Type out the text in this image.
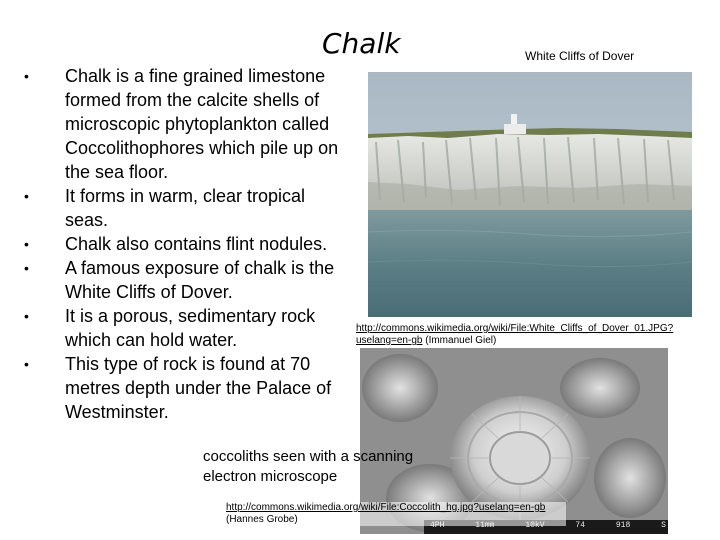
Chalk	White Cliffs of Dover
• Chalk is a fine grained limestone formed from the calcite shells of microscopic phytoplankton called Coccolithophores which pile up on the sea floor.
• It forms in warm, clear tropical seas.
• Chalk also contains flint nodules.
• A famous exposure of chalk is the White Cliffs of Dover.
• It is a porous, sedimentary rock which can hold water.
• This type of rock is found at 70 metres depth under the Palace of Westminster.
http://commons.wikimedia.org/wiki/File:White_Cliffs_of_Dover_01.JPG?uselang=en-gb (Immanuel Giel)
74	918	S
coccoliths seen with a scanning electron microscope
http://commons.wikimedia.org/wiki/File:Coccolith_hg.jpg?uselang=en-gb (Hannes Grobe)
